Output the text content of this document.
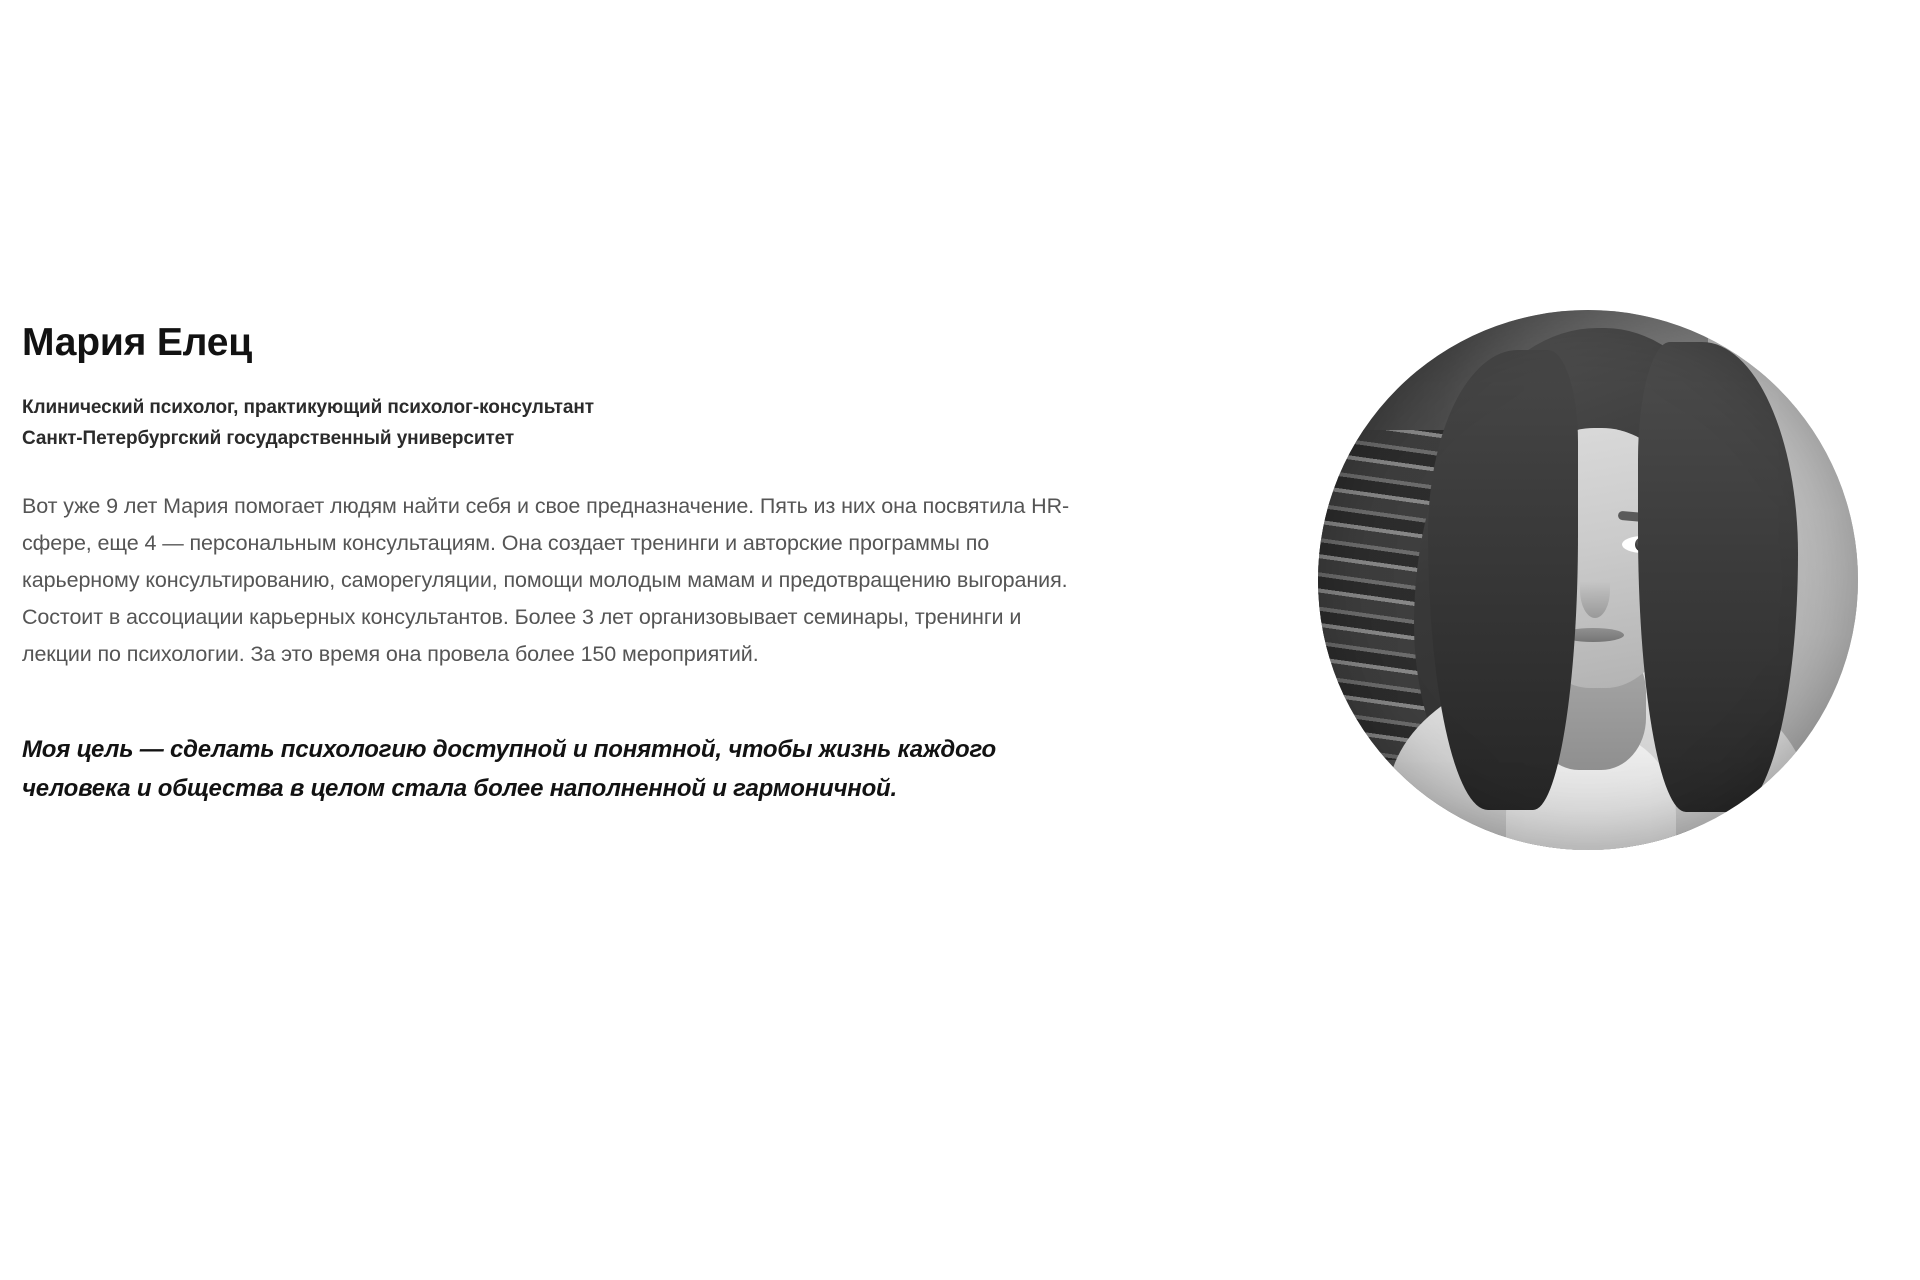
Мария Елец
Клинический психолог, практикующий психолог-консультант
Санкт-Петербургский государственный университет

Вот уже 9 лет Мария помогает людям найти себя и свое предназначение. Пять из них она посвятила HR-сфере, еще 4 — персональным консультациям. Она создает тренинги и авторские программы по карьерному консультированию, саморегуляции, помощи молодым мамам и предотвращению выгорания. Состоит в ассоциации карьерных консультантов. Более 3 лет организовывает семинары, тренинги и лекции по психологии. За это время она провела более 150 мероприятий.

Моя цель — сделать психологию доступной и понятной, чтобы жизнь каждого человека и общества в целом стала более наполненной и гармоничной.
